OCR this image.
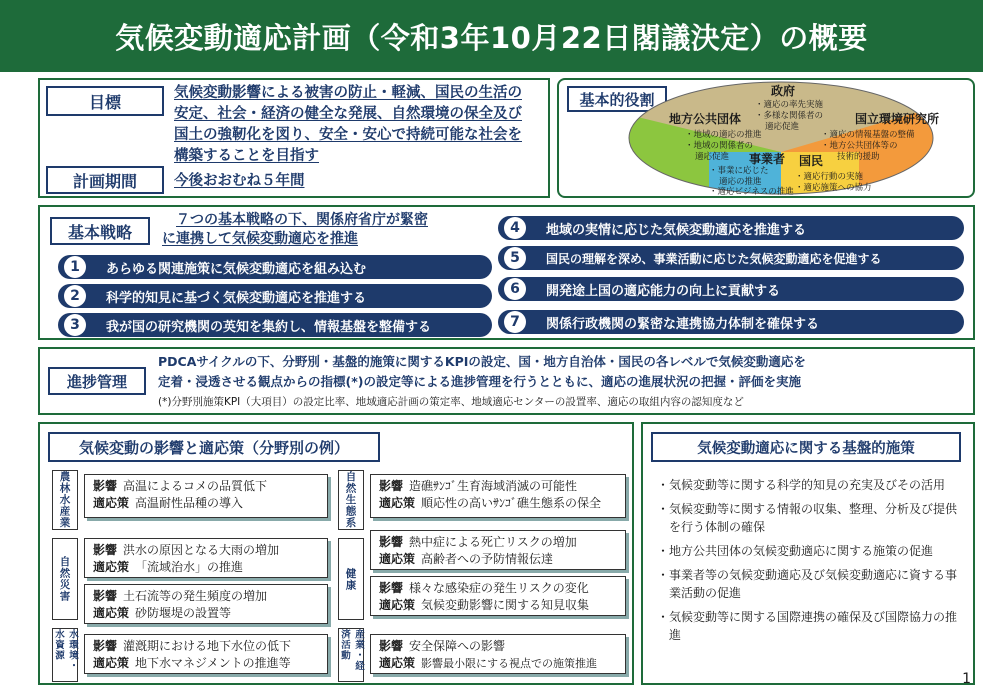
気候変動適応計画（令和3年10月22日閣議決定）の概要
目標	気候変動影響による被害の防止・軽減、国民の生活の
安定、社会・経済の健全な発展、自然環境の保全及び
国土の強靭化を図り、安全・安心で持続可能な社会を
構築することを目指す
計画期間	今後おおむね５年間
基本的役割	政府
・適応の率先実施
・多様な関係者の
適応促進
地方公共団体
・地域の適応の推進
・地域の関係者の
適応促進
国立環境研究所
・適応の情報基盤の整備
・地方公共団体等の
技術的援助
事業者
・事業に応じた
適応の推進
・適応ビジネスの推進
国民
・適応行動の実施
・適応施策への協力
基本戦略
７つの基本戦略の下、関係府省庁が緊密
に連携して気候変動適応を推進
1	あらゆる関連施策に気候変動適応を組み込む
2	科学的知見に基づく気候変動適応を推進する
3	我が国の研究機関の英知を集約し、情報基盤を整備する
4	地域の実情に応じた気候変動適応を推進する
5	国民の理解を深め、事業活動に応じた気候変動適応を促進する
6	開発途上国の適応能力の向上に貢献する
7	関係行政機関の緊密な連携協力体制を確保する
進捗管理
PDCAサイクルの下、分野別・基盤的施策に関するKPIの設定、国・地方自治体・国民の各レベルで気候変動適応を
定着・浸透させる観点からの指標(*)の設定等による進捗管理を行うとともに、適応の進展状況の把握・評価を実施
(*)分野別施策KPI（大項目）の設定比率、地域適応計画の策定率、地域適応センターの設置率、適応の取組内容の認知度など
気候変動の影響と適応策（分野別の例）
農林水産業
自然災害
水環境・水資源
影響 高温によるコメの品質低下
適応策 高温耐性品種の導入
影響 洪水の原因となる大雨の増加
適応策 「流域治水」の推進
影響 土石流等の発生頻度の増加
適応策 砂防堰堤の設置等
影響 灌漑期における地下水位の低下
適応策 地下水マネジメントの推進等
自然生態系
健康
産業・経済活動
影響 造礁ｻﾝｺﾞ生育海域消滅の可能性
適応策 順応性の高いｻﾝｺﾞ礁生態系の保全
影響 熱中症による死亡リスクの増加
適応策 高齢者への予防情報伝達
影響 様々な感染症の発生リスクの変化
適応策 気候変動影響に関する知見収集
影響 安全保障への影響
適応策 影響最小限にする視点での施策推進
気候変動適応に関する基盤的施策
・気候変動等に関する科学的知見の充実及びその活用
・気候変動等に関する情報の収集、整理、分析及び提供を行う体制の確保
・地方公共団体の気候変動適応に関する施策の促進
・事業者等の気候変動適応及び気候変動適応に資する事業活動の促進
・気候変動等に関する国際連携の確保及び国際協力の推進
1
